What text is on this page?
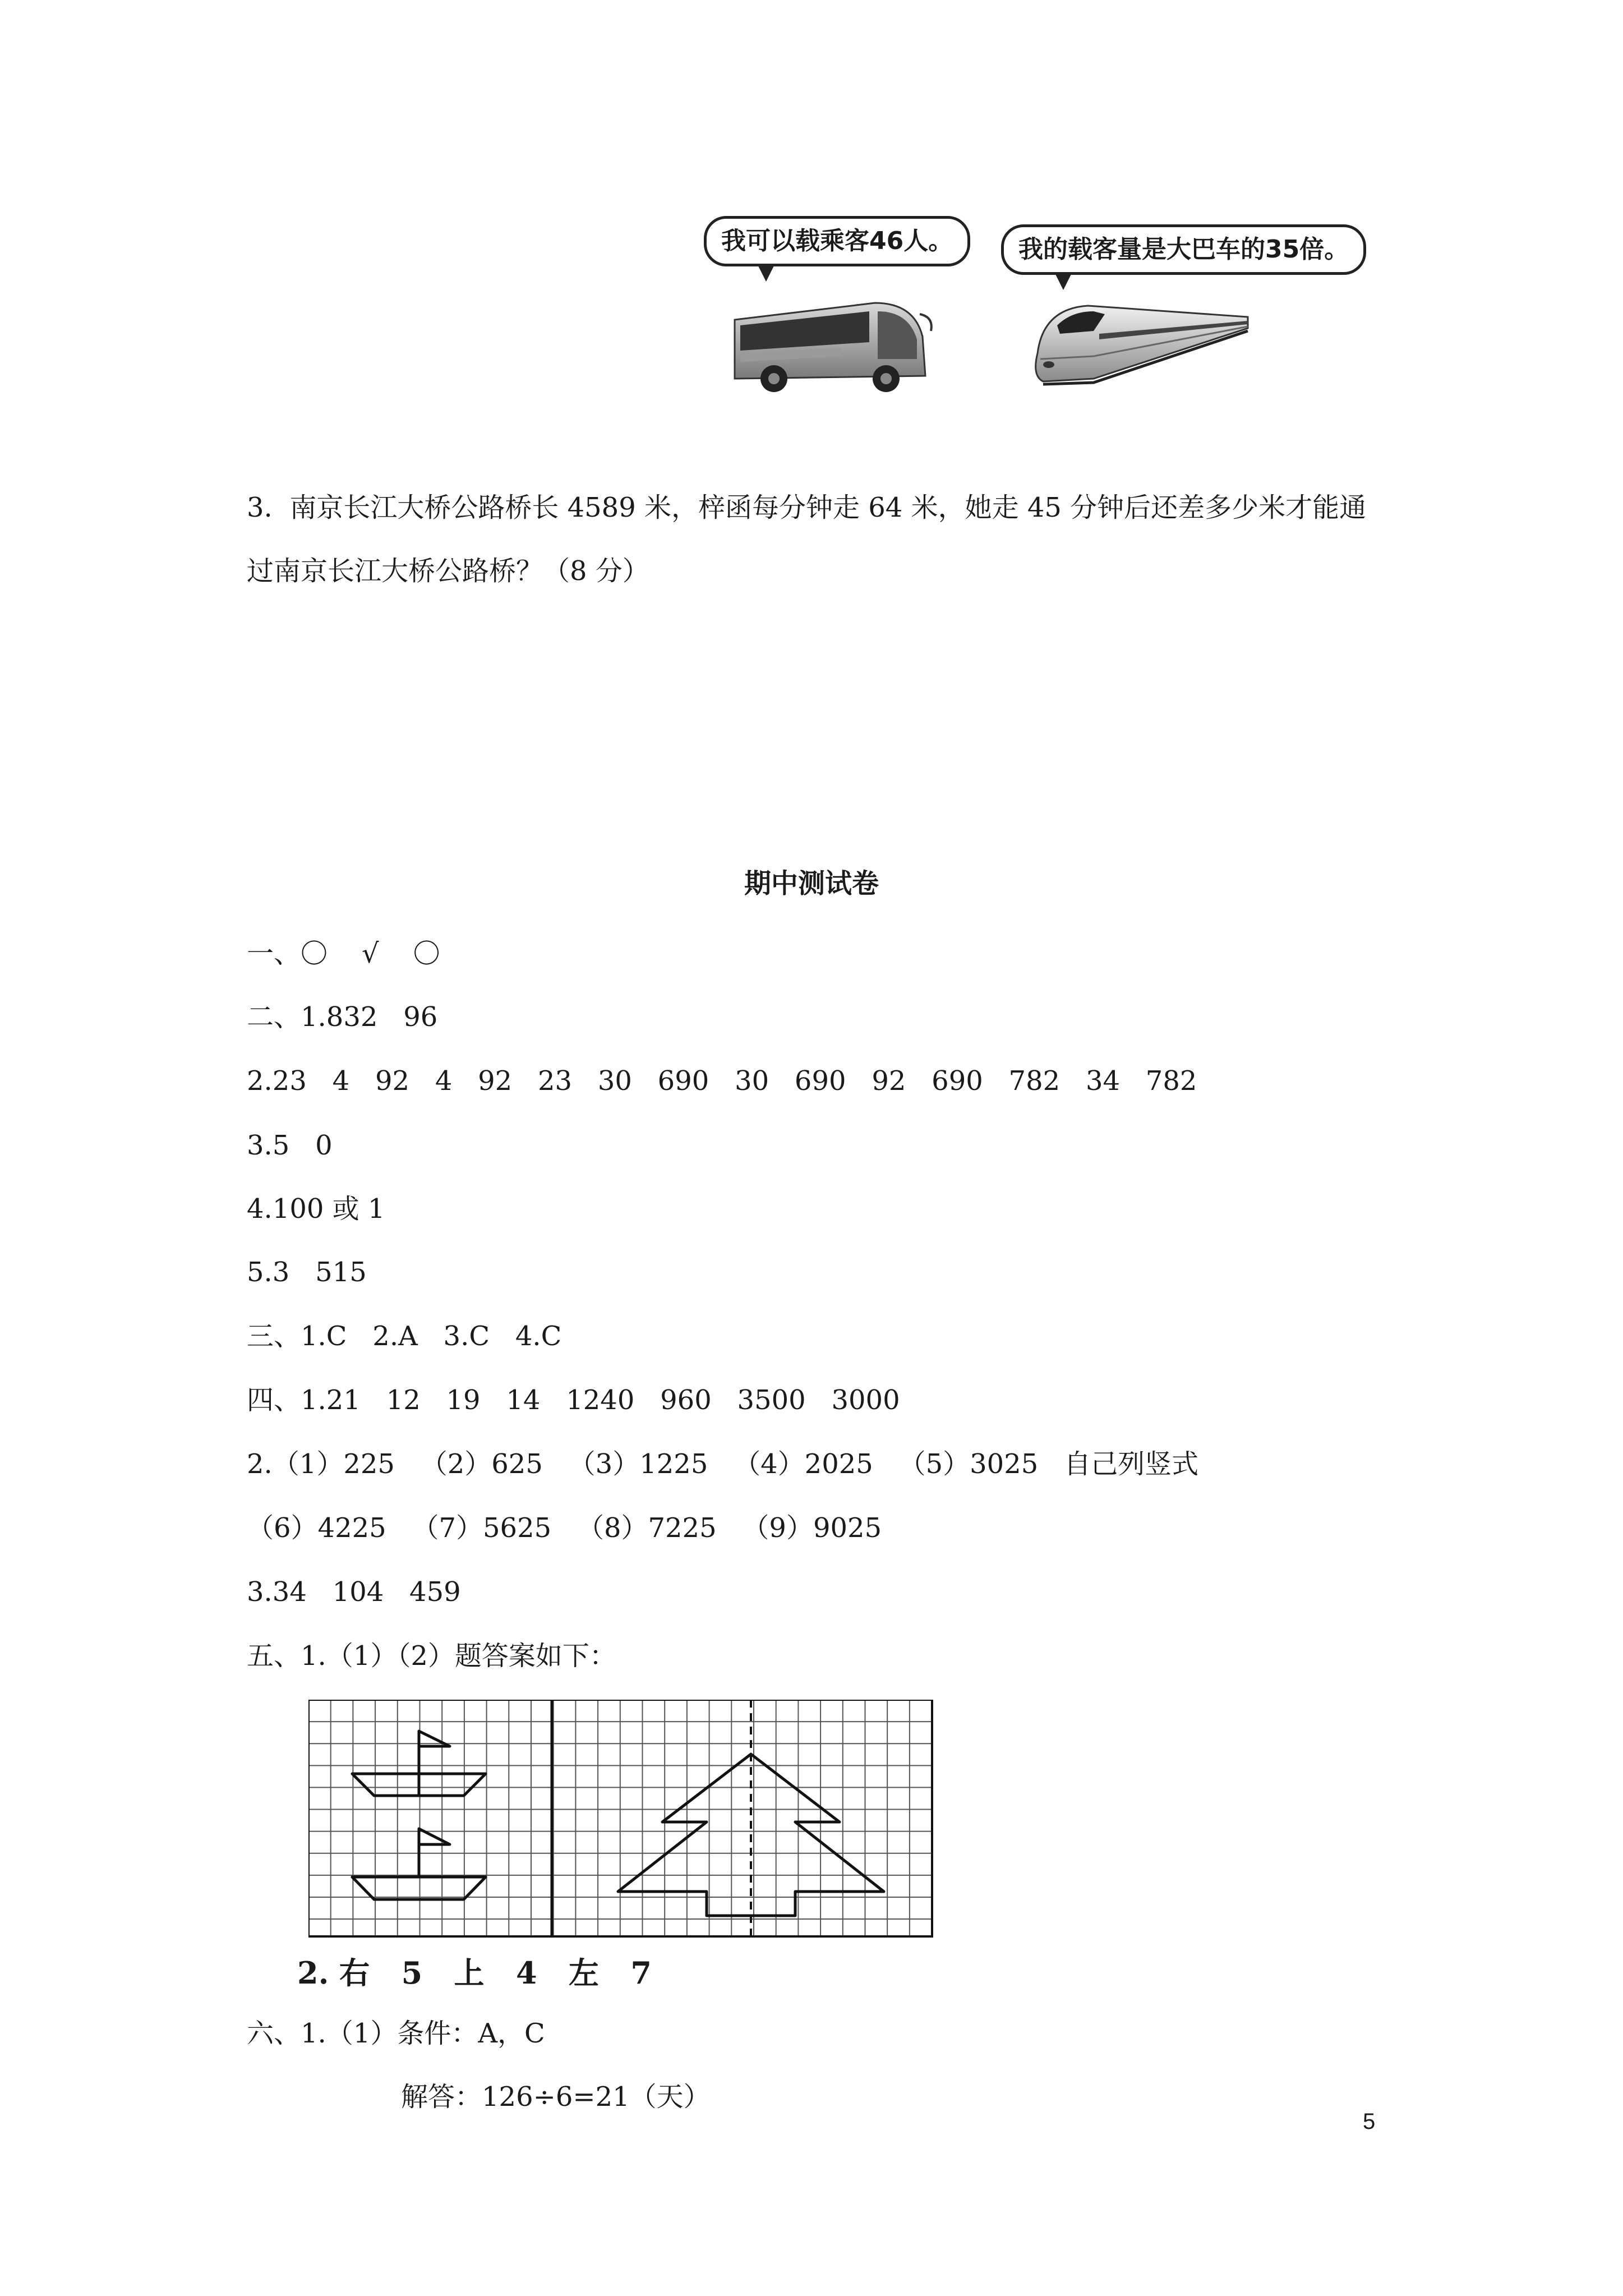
我可以载乘客46人。	我的载客量是大巴车的35倍。
3.  南京长江大桥公路桥长 4589 米，梓函每分钟走 64 米，她走 45 分钟后还差多少米才能通
过南京长江大桥公路桥？（8 分）
期中测试卷
一、〇    √    〇
二、1.832   96
2.23   4   92   4   92   23   30   690   30   690   92   690   782   34   782
3.5   0
4.100 或 1
5.3   515
三、1.C   2.A   3.C   4.C
四、1.21   12   19   14   1240   960   3500   3000
2.（1）225   （2）625   （3）1225   （4）2025   （5）3025   自己列竖式
（6）4225   （7）5625   （8）7225   （9）9025
3.34   104   459
五、1.（1）（2）题答案如下：
2. 右   5   上   4   左   7
六、1.（1）条件：A，C
解答：126÷6=21（天）
5
